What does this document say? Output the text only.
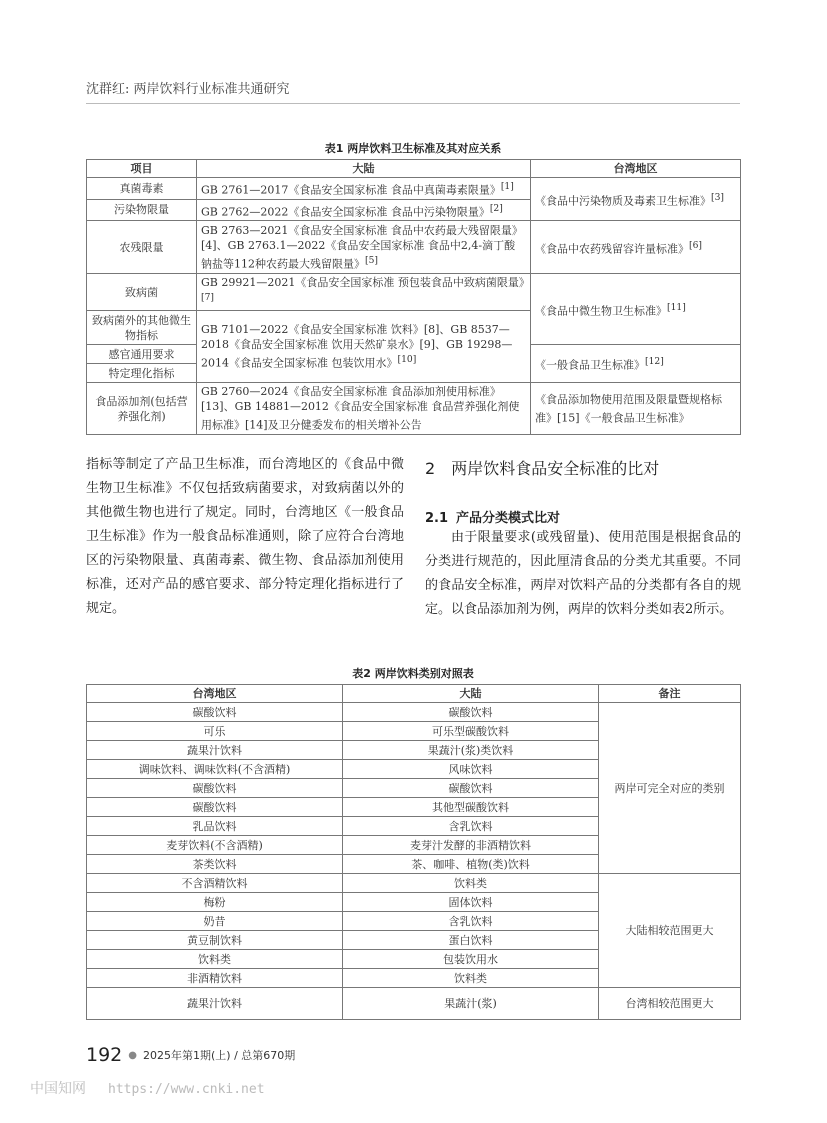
沈群红: 两岸饮料行业标准共通研究
表1 两岸饮料卫生标准及其对应关系
项目	大陆	台湾地区
真菌毒素	GB 2761—2017《食品安全国家标准 食品中真菌毒素限量》[1]	《食品中污染物质及毒素卫生标准》[3]
污染物限量	GB 2762—2022《食品安全国家标准 食品中污染物限量》[2]
农残限量	GB 2763—2021《食品安全国家标准 食品中农药最大残留限量》[4]、GB 2763.1—2022《食品安全国家标准 食品中2,4-滴丁酸钠盐等112种农药最大残留限量》[5]	《食品中农药残留容许量标准》[6]
致病菌	GB 29921—2021《食品安全国家标准 预包装食品中致病菌限量》[7]	《食品中微生物卫生标准》[11]
致病菌外的其他微生物指标	GB 7101—2022《食品安全国家标准 饮料》[8]、GB 8537—2018《食品安全国家标准 饮用天然矿泉水》[9]、GB 19298—2014《食品安全国家标准 包装饮用水》[10]
感官通用要求		《一般食品卫生标准》[12]
特定理化指标		
食品添加剂(包括营养强化剂)	GB 2760—2024《食品安全国家标准 食品添加剂使用标准》[13]、GB 14881—2012《食品安全国家标准 食品营养强化剂使用标准》[14]及卫分健委发布的相关增补公告	《食品添加物使用范围及限量暨规格标准》[15]《一般食品卫生标准》

指标等制定了产品卫生标准，而台湾地区的《食品中微生物卫生标准》不仅包括致病菌要求，对致病菌以外的其他微生物也进行了规定。同时，台湾地区《一般食品卫生标准》作为一般食品标准通则，除了应符合台湾地区的污染物限量、真菌毒素、微生物、食品添加剂使用标准，还对产品的感官要求、部分特定理化指标进行了规定。

2 两岸饮料食品安全标准的比对
2.1 产品分类模式比对

由于限量要求(或残留量)、使用范围是根据食品的分类进行规范的，因此厘清食品的分类尤其重要。不同的食品安全标准，两岸对饮料产品的分类都有各自的规定。以食品添加剂为例，两岸的饮料分类如表2所示。

表2 两岸饮料类别对照表
台湾地区	大陆	备注
碳酸饮料	碳酸饮料	两岸可完全对应的类别
可乐	可乐型碳酸饮料	
蔬果汁饮料	果蔬汁(浆)类饮料	
调味饮料、调味饮料(不含酒精)	风味饮料	
碳酸饮料	碳酸饮料	
碳酸饮料	其他型碳酸饮料	
乳品饮料	含乳饮料	
麦芽饮料(不含酒精)	麦芽汁发酵的非酒精饮料	
茶类饮料	茶、咖啡、植物(类)饮料	
不含酒精饮料	饮料类	大陆相较范围更大
梅粉	固体饮料	
奶昔	含乳饮料	
黄豆制饮料	蛋白饮料	
饮料类	包装饮用水	
非酒精饮料	饮料类	
蔬果汁饮料	果蔬汁(浆)	台湾相较范围更大
192 ● 2025年第1期(上) / 总第670期
中国知网 https://www.cnki.net
